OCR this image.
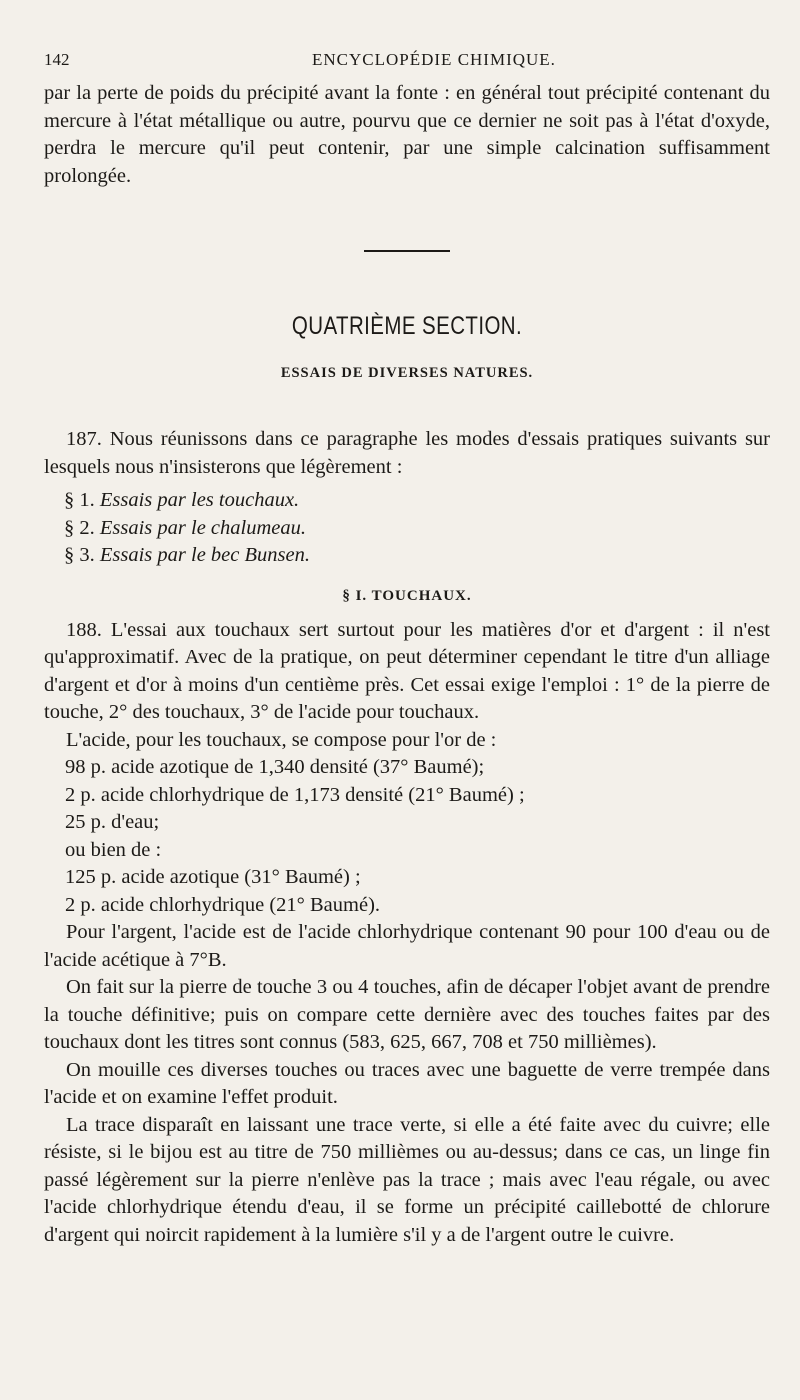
142	ENCYCLOPÉDIE CHIMIQUE.

par la perte de poids du précipité avant la fonte : en général tout précipité contenant du mercure à l'état métallique ou autre, pourvu que ce dernier ne soit pas à l'état d'oxyde, perdra le mercure qu'il peut contenir, par une simple calcination suffisamment prolongée.

QUATRIÈME SECTION.
ESSAIS DE DIVERSES NATURES.

187. Nous réunissons dans ce paragraphe les modes d'essais pratiques suivants sur lesquels nous n'insisterons que légèrement :

§ 1. Essais par les touchaux.

§ 2. Essais par le chalumeau.

§ 3. Essais par le bec Bunsen.

§ I. TOUCHAUX.

188. L'essai aux touchaux sert surtout pour les matières d'or et d'argent : il n'est qu'approximatif. Avec de la pratique, on peut déterminer cependant le titre d'un alliage d'argent et d'or à moins d'un centième près. Cet essai exige l'emploi : 1° de la pierre de touche, 2° des touchaux, 3° de l'acide pour touchaux.

L'acide, pour les touchaux, se compose pour l'or de :

98 p. acide azotique de 1,340 densité (37° Baumé);

2 p. acide chlorhydrique de 1,173 densité (21° Baumé) ;

25 p. d'eau;

ou bien de :

125 p. acide azotique (31° Baumé) ;

2 p. acide chlorhydrique (21° Baumé).

Pour l'argent, l'acide est de l'acide chlorhydrique contenant 90 pour 100 d'eau ou de l'acide acétique à 7°B.

On fait sur la pierre de touche 3 ou 4 touches, afin de décaper l'objet avant de prendre la touche définitive; puis on compare cette dernière avec des touches faites par des touchaux dont les titres sont connus (583, 625, 667, 708 et 750 millièmes).

On mouille ces diverses touches ou traces avec une baguette de verre trempée dans l'acide et on examine l'effet produit.

La trace disparaît en laissant une trace verte, si elle a été faite avec du cuivre; elle résiste, si le bijou est au titre de 750 millièmes ou au-dessus; dans ce cas, un linge fin passé légèrement sur la pierre n'enlève pas la trace ; mais avec l'eau régale, ou avec l'acide chlorhydrique étendu d'eau, il se forme un précipité caillebotté de chlorure d'argent qui noircit rapidement à la lumière s'il y a de l'argent outre le cuivre.
